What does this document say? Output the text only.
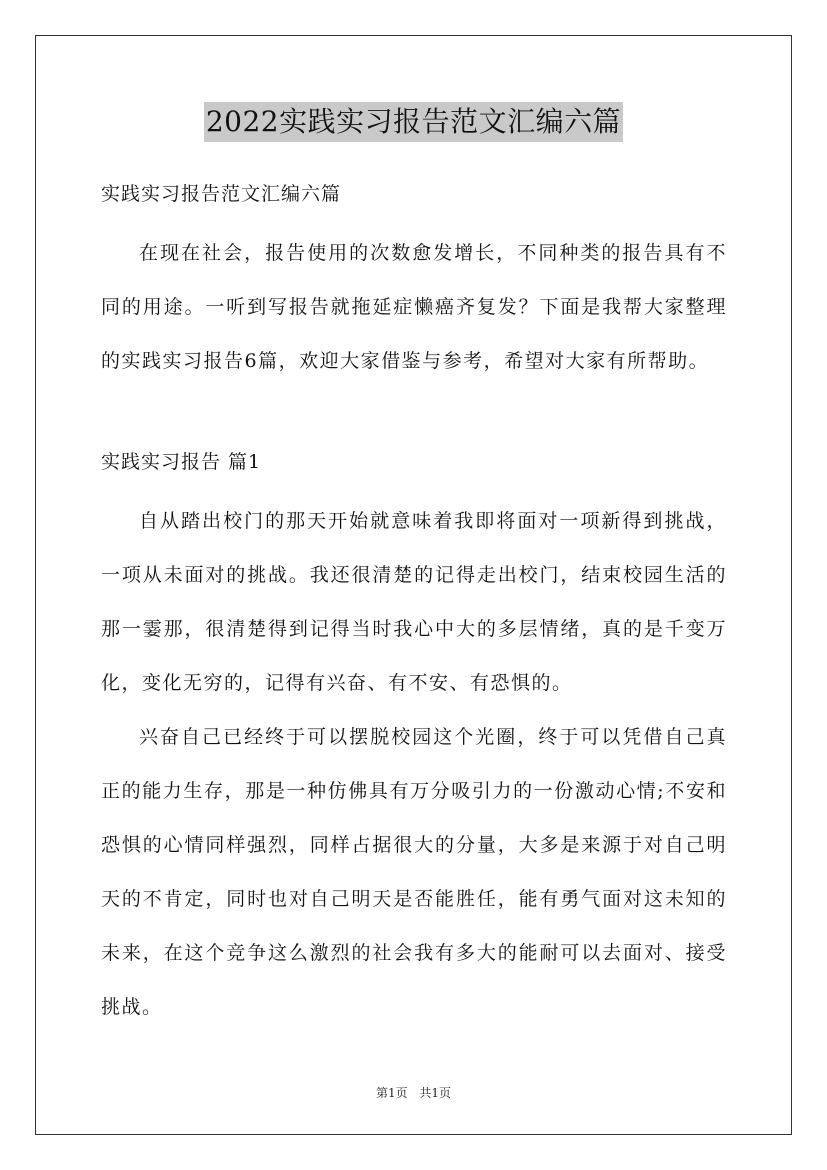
2022实践实习报告范文汇编六篇

实践实习报告范文汇编六篇

在现在社会，报告使用的次数愈发增长，不同种类的报告具有不同的用途。一听到写报告就拖延症懒癌齐复发？下面是我帮大家整理的实践实习报告6篇，欢迎大家借鉴与参考，希望对大家有所帮助。

实践实习报告 篇1

自从踏出校门的那天开始就意味着我即将面对一项新得到挑战，一项从未面对的挑战。我还很清楚的记得走出校门，结束校园生活的那一霎那，很清楚得到记得当时我心中大的多层情绪，真的是千变万化，变化无穷的，记得有兴奋、有不安、有恐惧的。

兴奋自己已经终于可以摆脱校园这个光圈，终于可以凭借自己真正的能力生存，那是一种仿佛具有万分吸引力的一份激动心情;不安和恐惧的心情同样强烈，同样占据很大的分量，大多是来源于对自己明天的不肯定，同时也对自己明天是否能胜任，能有勇气面对这未知的未来，在这个竞争这么激烈的社会我有多大的能耐可以去面对、接受挑战。

第1页 共1页
